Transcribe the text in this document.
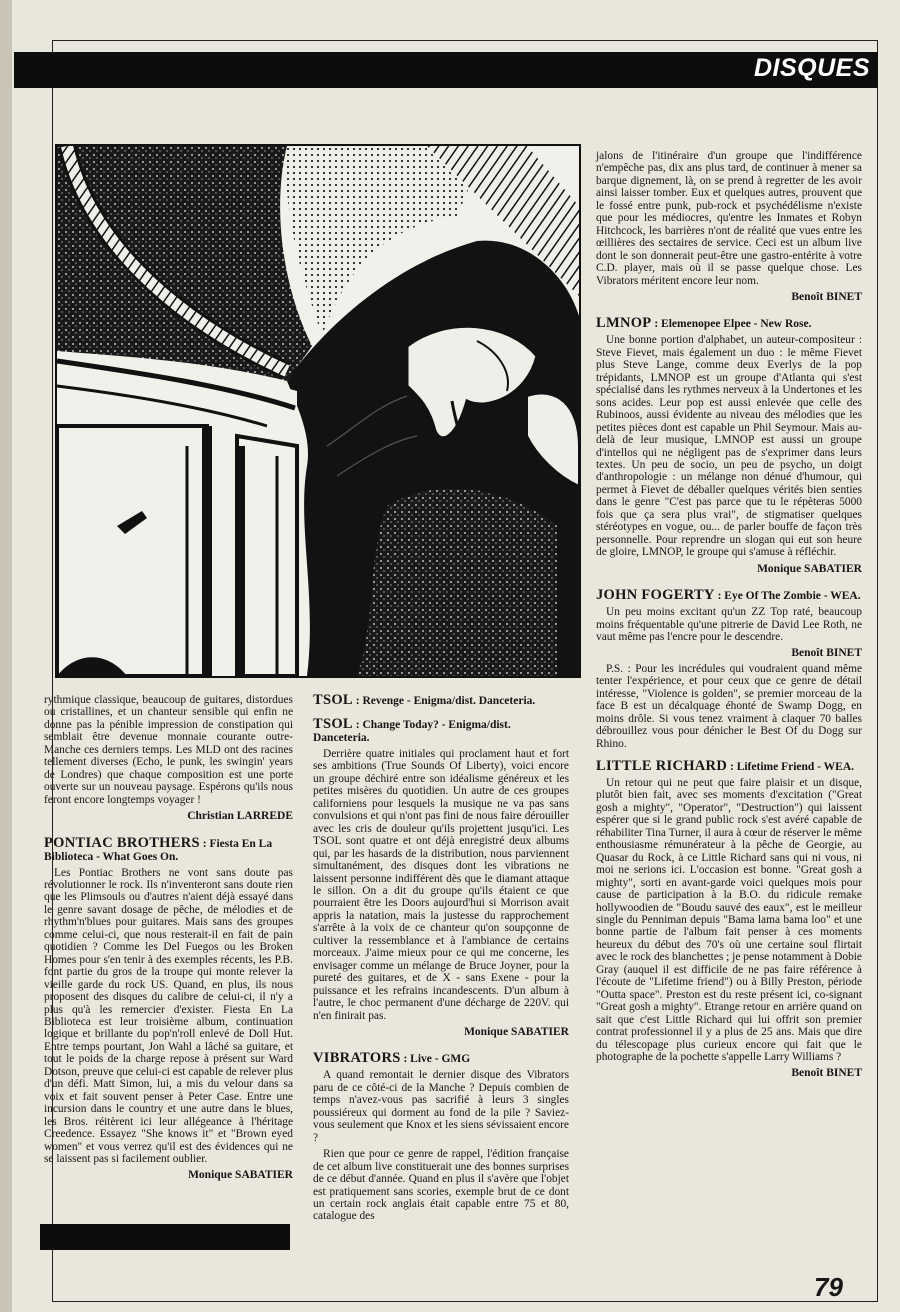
DISQUES

rythmique classique, beaucoup de guitares, distordues ou cristallines, et un chanteur sensible qui enfin ne donne pas la pénible impression de constipation qui semblait être devenue monnaie courante outre-Manche ces derniers temps. Les MLD ont des racines tellement diverses (Echo, le punk, les swingin' years de Londres) que chaque composition est une porte ouverte sur un nouveau paysage. Espérons qu'ils nous feront encore longtemps voyager !

Christian LARREDE
PONTIAC BROTHERS : Fiesta En La Biblioteca - What Goes On.

Les Pontiac Brothers ne vont sans doute pas révolutionner le rock. Ils n'inventeront sans doute rien que les Plimsouls ou d'autres n'aient déjà essayé dans le genre savant dosage de pêche, de mélodies et de rhythm'n'blues pour guitares. Mais sans des groupes comme celui-ci, que nous resterait-il en fait de pain quotidien ? Comme les Del Fuegos ou les Broken Homes pour s'en tenir à des exemples récents, les P.B. font partie du gros de la troupe qui monte relever la vieille garde du rock US. Quand, en plus, ils nous proposent des disques du calibre de celui-ci, il n'y a plus qu'à les remercier d'exister. Fiesta En La Biblioteca est leur troisième album, continuation logique et brillante du pop'n'roll enlevé de Doll Hut. Entre temps pourtant, Jon Wahl a lâché sa guitare, et tout le poids de la charge repose à présent sur Ward Dotson, preuve que celui-ci est capable de relever plus d'un défi. Matt Simon, lui, a mis du velour dans sa voix et fait souvent penser à Peter Case. Entre une incursion dans le country et une autre dans le blues, les Bros. réitèrent ici leur allégeance à l'héritage Creedence. Essayez "She knows it" et "Brown eyed women" et vous verrez qu'il est des évidences qui ne se laissent pas si facilement oublier.

Monique SABATIER
TSOL : Revenge - Enigma/dist. Danceteria.
TSOL : Change Today? - Enigma/dist. Danceteria.

Derrière quatre initiales qui proclament haut et fort ses ambitions (True Sounds Of Liberty), voici encore un groupe déchiré entre son idéalisme généreux et les petites misères du quotidien. Un autre de ces groupes californiens pour lesquels la musique ne va pas sans convulsions et qui n'ont pas fini de nous faire dérouiller avec les cris de douleur qu'ils projettent jusqu'ici. Les TSOL sont quatre et ont déjà enregistré deux albums qui, par les hasards de la distribution, nous parviennent simultanément, des disques dont les vibrations ne laissent personne indifférent dès que le diamant attaque le sillon. On a dit du groupe qu'ils étaient ce que pourraient être les Doors aujourd'hui si Morrison avait appris la natation, mais la justesse du rapprochement s'arrête à la voix de ce chanteur qu'on soupçonne de cultiver la ressemblance et à l'ambiance de certains morceaux. J'aime mieux pour ce qui me concerne, les envisager comme un mélange de Bruce Joyner, pour la pureté des guitares, et de X - sans Exene - pour la puissance et les refrains incandescents. D'un album à l'autre, le choc permanent d'une décharge de 220V. qui n'en finirait pas.

Monique SABATIER
VIBRATORS : Live - GMG

A quand remontait le dernier disque des Vibrators paru de ce côté-ci de la Manche ? Depuis combien de temps n'avez-vous pas sacrifié à leurs 3 singles poussiéreux qui dorment au fond de la pile ? Saviez-vous seulement que Knox et les siens sévissaient encore ?

Rien que pour ce genre de rappel, l'édition française de cet album live constituerait une des bonnes surprises de ce début d'année. Quand en plus il s'avère que l'objet est pratiquement sans scories, exemple brut de ce dont un certain rock anglais était capable entre 75 et 80, catalogue des

jalons de l'itinéraire d'un groupe que l'indifférence n'empêche pas, dix ans plus tard, de continuer à mener sa barque dignement, là, on se prend à regretter de les avoir ainsi laisser tomber. Eux et quelques autres, prouvent que le fossé entre punk, pub-rock et psychédélisme n'existe que pour les médiocres, qu'entre les Inmates et Robyn Hitchcock, les barrières n'ont de réalité que vues entre les œillières des sectaires de service. Ceci est un album live dont le son donnerait peut-être une gastro-entérite à votre C.D. player, mais où il se passe quelque chose. Les Vibrators méritent encore leur nom.

Benoît BINET
LMNOP : Elemenopee Elpee - New Rose.

Une bonne portion d'alphabet, un auteur-compositeur : Steve Fievet, mais également un duo : le même Fievet plus Steve Lange, comme deux Everlys de la pop trépidants, LMNOP est un groupe d'Atlanta qui s'est spécialisé dans les rythmes nerveux à la Undertones et les sons acides. Leur pop est aussi enlevée que celle des Rubinoos, aussi évidente au niveau des mélodies que les petites pièces dont est capable un Phil Seymour. Mais au-delà de leur musique, LMNOP est aussi un groupe d'intellos qui ne négligent pas de s'exprimer dans leurs textes. Un peu de socio, un peu de psycho, un doigt d'anthropologie : un mélange non dénué d'humour, qui permet à Fievet de déballer quelques vérités bien senties dans le genre "C'est pas parce que tu le répèteras 5000 fois que ça sera plus vrai", de stigmatiser quelques stéréotypes en vogue, ou... de parler bouffe de façon très personnelle. Pour reprendre un slogan qui eut son heure de gloire, LMNOP, le groupe qui s'amuse à réfléchir.

Monique SABATIER
JOHN FOGERTY : Eye Of The Zombie - WEA.

Un peu moins excitant qu'un ZZ Top raté, beaucoup moins fréquentable qu'une pitrerie de David Lee Roth, ne vaut même pas l'encre pour le descendre.

Benoît BINET

P.S. : Pour les incrédules qui voudraient quand même tenter l'expérience, et pour ceux que ce genre de détail intéresse, "Violence is golden", se premier morceau de la face B est un décalquage éhonté de Swamp Dogg, en moins drôle. Si vous tenez vraiment à claquer 70 balles débrouillez vous pour dénicher le Best Of du Dogg sur Rhino.

LITTLE RICHARD : Lifetime Friend - WEA.

Un retour qui ne peut que faire plaisir et un disque, plutôt bien fait, avec ses moments d'excitation ("Great gosh a mighty", "Operator", "Destruction") qui laissent espérer que si le grand public rock s'est avéré capable de réhabiliter Tina Turner, il aura à cœur de réserver le même enthousiasme rémunérateur à la pêche de Georgie, au Quasar du Rock, à ce Little Richard sans qui ni vous, ni moi ne serions ici. L'occasion est bonne. "Great gosh a mighty", sorti en avant-garde voici quelques mois pour cause de participation à la B.O. du ridicule remake hollywoodien de "Boudu sauvé des eaux", est le meilleur single du Penniman depuis "Bama lama bama loo" et une bonne partie de l'album fait penser à ces moments heureux du début des 70's où une certaine soul flirtait avec le rock des blanchettes ; je pense notamment à Dobie Gray (auquel il est difficile de ne pas faire référence à l'écoute de "Lifetime friend") ou à Billy Preston, période "Outta space". Preston est du reste présent ici, co-signant "Great gosh a mighty". Etrange retour en arrière quand on sait que c'est Little Richard qui lui offrit son premier contrat professionnel il y a plus de 25 ans. Mais que dire du télescopage plus curieux encore qui fait que le photographe de la pochette s'appelle Larry Williams ?

Benoît BINET
79
